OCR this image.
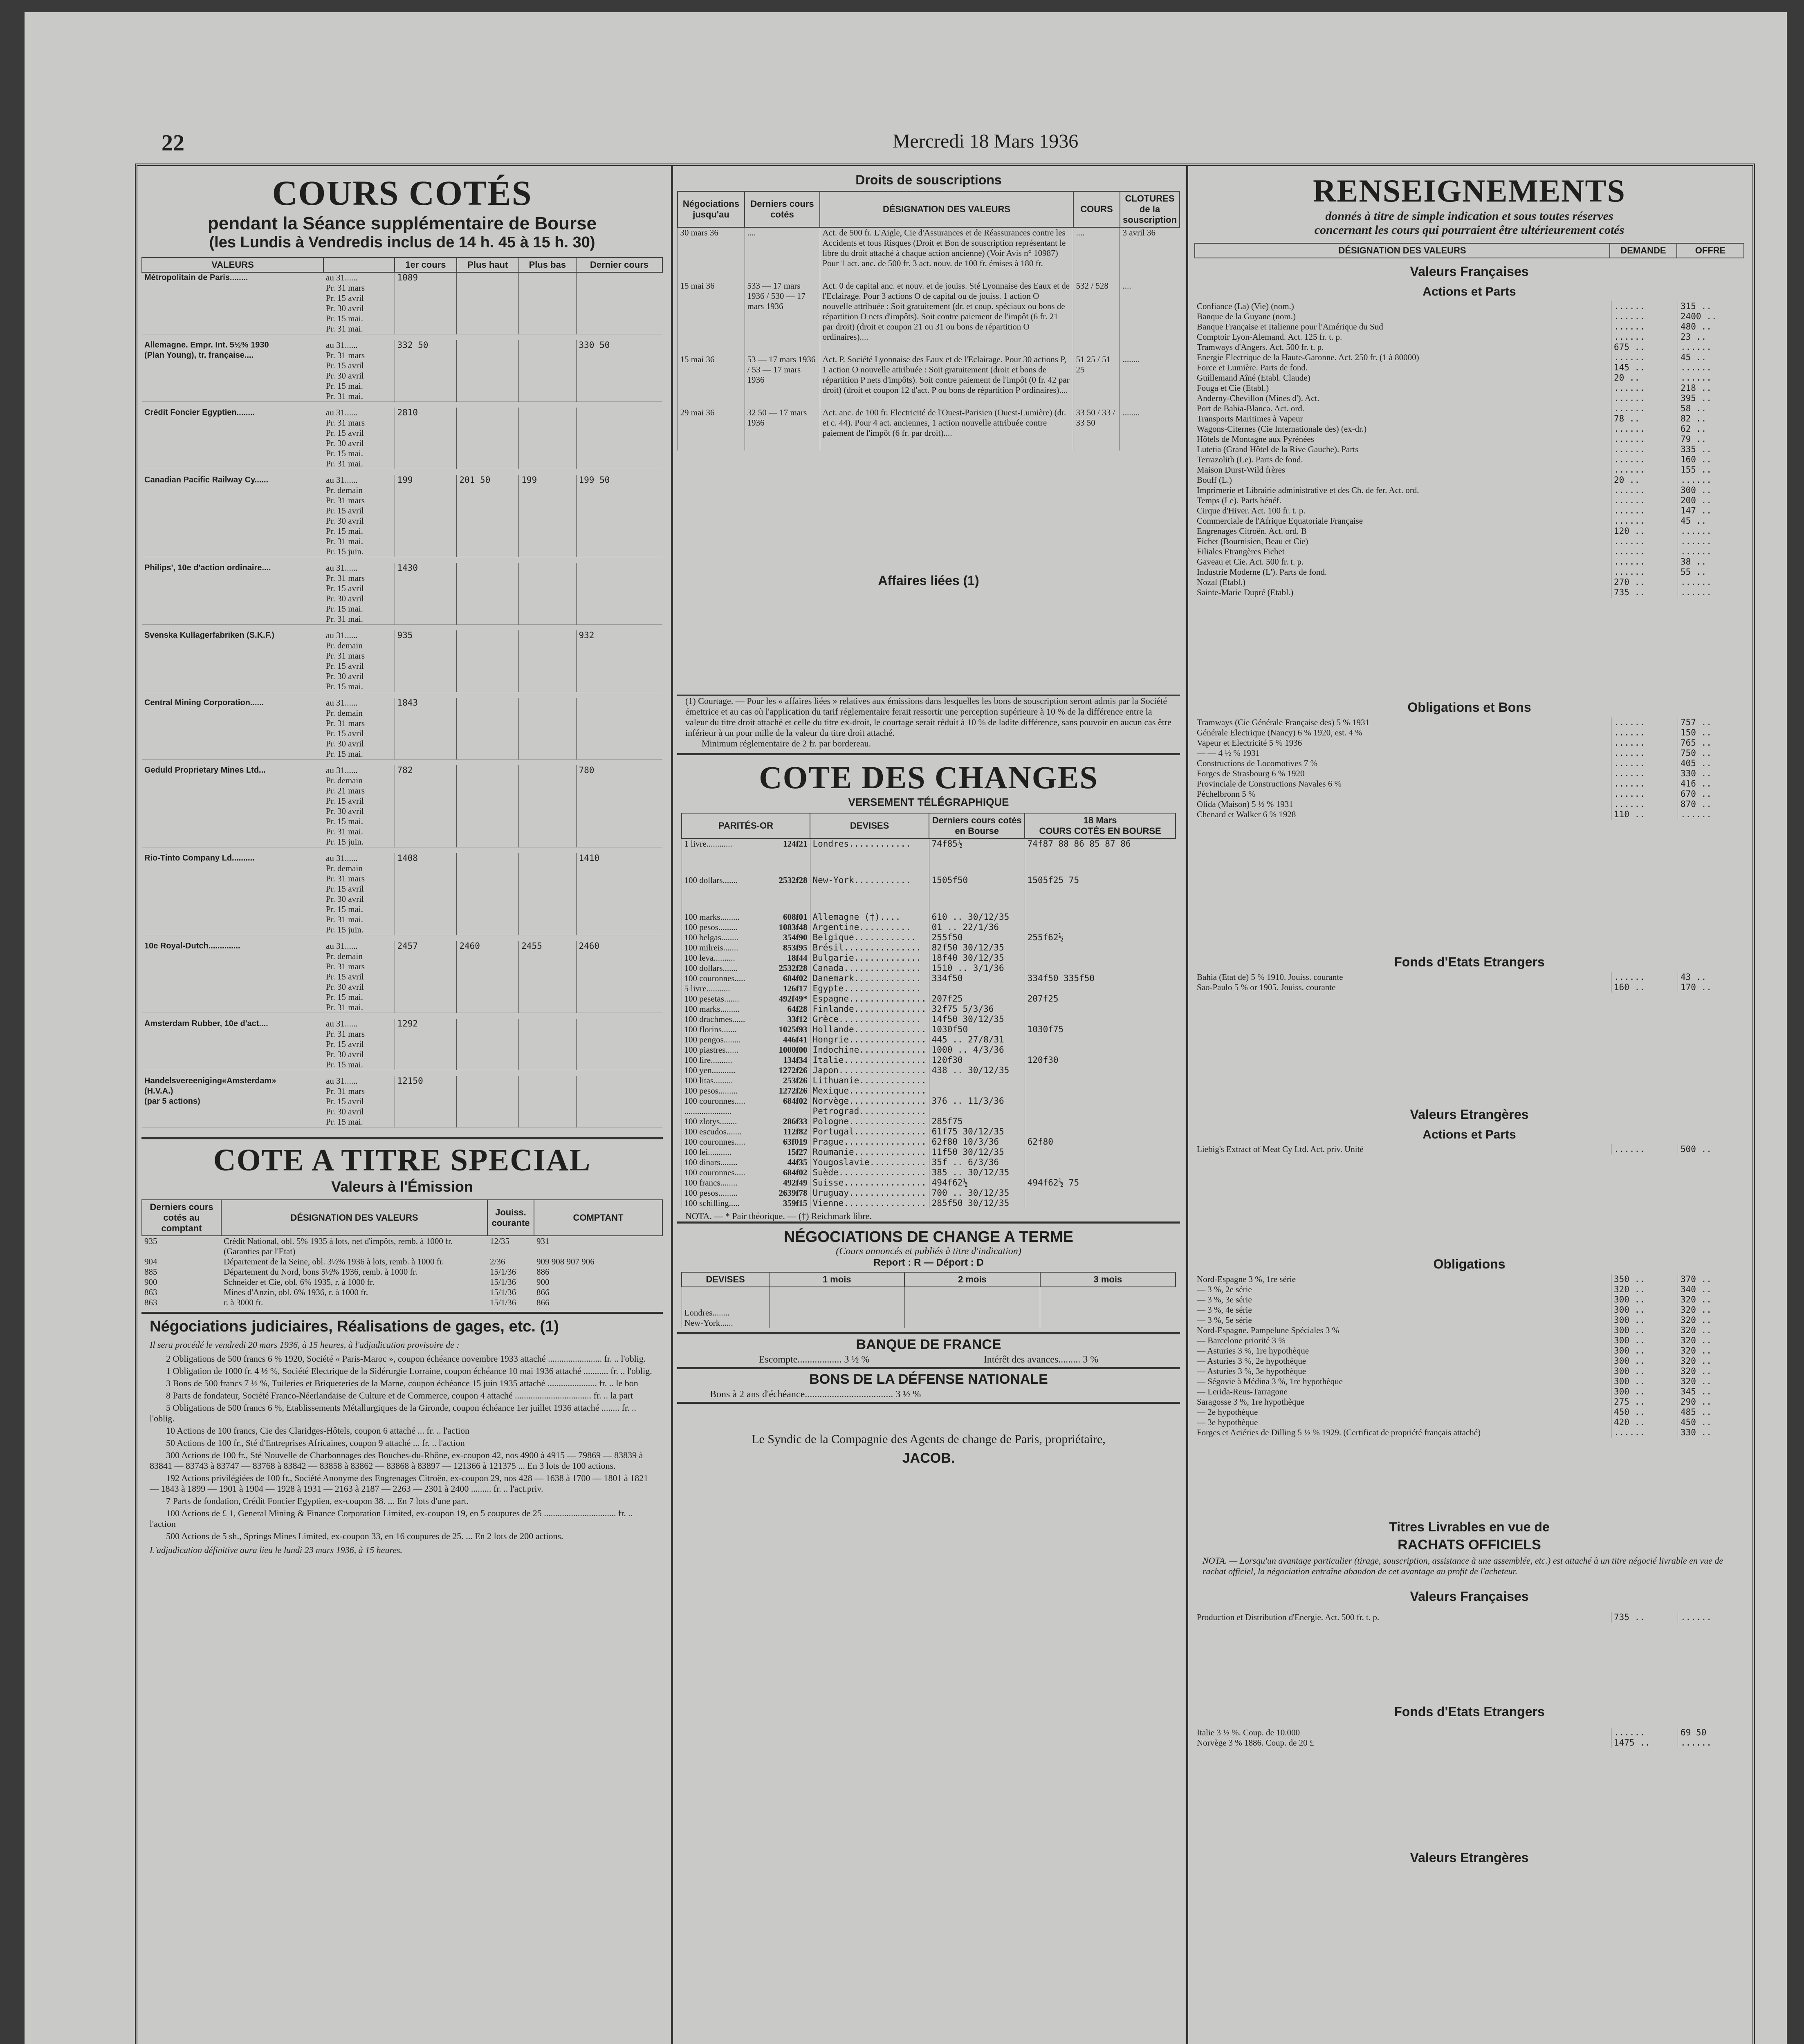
22	Mercredi 18 Mars 1936
COURS COTÉS
pendant la Séance supplémentaire de Bourse
(les Lundis à Vendredis inclus de 14 h. 45 à 15 h. 30)
VALEURS		1er cours	Plus haut	Plus bas	Dernier cours
Métropolitain de Paris........	au 31......	1089			
	Pr. 31 mars				
	Pr. 15 avril				
	Pr. 30 avril				
	Pr. 15 mai.				
	Pr. 31 mai.				

Allemagne. Empr. Int. 5½% 1930	au 31......	332 50			330 50
(Plan Young), tr. française....	Pr. 31 mars				
	Pr. 15 avril				
	Pr. 30 avril				
	Pr. 15 mai.				
	Pr. 31 mai.				

Crédit Foncier Egyptien........	au 31......	2810			
	Pr. 31 mars				
	Pr. 15 avril				
	Pr. 30 avril				
	Pr. 15 mai.				
	Pr. 31 mai.				

Canadian Pacific Railway Cy......	au 31......	199	201 50	199	199 50
	Pr. demain				
	Pr. 31 mars				
	Pr. 15 avril				
	Pr. 30 avril				
	Pr. 15 mai.				
	Pr. 31 mai.				
	Pr. 15 juin.				

Philips', 10e d'action ordinaire....	au 31......	1430			
	Pr. 31 mars				
	Pr. 15 avril				
	Pr. 30 avril				
	Pr. 15 mai.				
	Pr. 31 mai.				

Svenska Kullagerfabriken (S.K.F.)	au 31......	935			932
	Pr. demain				
	Pr. 31 mars				
	Pr. 15 avril				
	Pr. 30 avril				
	Pr. 15 mai.				

Central Mining Corporation......	au 31......	1843			
	Pr. demain				
	Pr. 31 mars				
	Pr. 15 avril				
	Pr. 30 avril				
	Pr. 15 mai.				

Geduld Proprietary Mines Ltd...	au 31......	782			780
	Pr. demain				
	Pr. 21 mars				
	Pr. 15 avril				
	Pr. 30 avril				
	Pr. 15 mai.				
	Pr. 31 mai.				
	Pr. 15 juin.				

Rio-Tinto Company Ld..........	au 31......	1408			1410
	Pr. demain				
	Pr. 31 mars				
	Pr. 15 avril				
	Pr. 30 avril				
	Pr. 15 mai.				
	Pr. 31 mai.				
	Pr. 15 juin.				

10e Royal-Dutch..............	au 31......	2457	2460	2455	2460
	Pr. demain				
	Pr. 31 mars				
	Pr. 15 avril				
	Pr. 30 avril				
	Pr. 15 mai.				
	Pr. 31 mai.				

Amsterdam Rubber, 10e d'act....	au 31......	1292			
	Pr. 31 mars				
	Pr. 15 avril				
	Pr. 30 avril				
	Pr. 15 mai.				

Handelsvereeniging«Amsterdam»	au 31......	12150			
(H.V.A.)	Pr. 31 mars				
(par 5 actions)	Pr. 15 avril				
	Pr. 30 avril				
	Pr. 15 mai.				

COTE A TITRE SPECIAL
Valeurs à l'Émission
Derniers cours cotés au comptant	DÉSIGNATION DES VALEURS	Jouiss. courante	COMPTANT
935	Crédit National, obl. 5% 1935 à lots, net d'impôts, remb. à 1000 fr. (Garanties par l'Etat)	12/35	931
904	Département de la Seine, obl. 3½% 1936 à lots, remb. à 1000 fr.	2/36	909 908 907 906
885	Département du Nord, bons 5½% 1936, remb. à 1000 fr.	15/1/36	886
900	Schneider et Cie, obl. 6% 1935, r. à 1000 fr.	15/1/36	900
863	Mines d'Anzin, obl. 6% 1936, r. à 1000 fr.	15/1/36	866
863	r. à 3000 fr.	15/1/36	866
Négociations judiciaires, Réalisations de gages, etc. (1)
Il sera procédé le vendredi 20 mars 1936, à 15 heures, à l'adjudication provisoire de :
2 Obligations de 500 francs 6 % 1920, Société « Paris-Maroc », coupon échéance novembre 1933 attaché ........................ fr. .. l'oblig.
1 Obligation de 1000 fr. 4 ½ %, Société Electrique de la Sidérurgie Lorraine, coupon échéance 10 mai 1936 attaché ........... fr. .. l'oblig.
3 Bons de 500 francs 7 ½ %, Tuileries et Briqueteries de la Marne, coupon échéance 15 juin 1935 attaché ...................... fr. .. le bon
8 Parts de fondateur, Société Franco-Néerlandaise de Culture et de Commerce, coupon 4 attaché .................................. fr. .. la part
5 Obligations de 500 francs 6 %, Etablissements Métallurgiques de la Gironde, coupon échéance 1er juillet 1936 attaché ........ fr. .. l'oblig.
10 Actions de 100 francs, Cie des Claridges-Hôtels, coupon 6 attaché ... fr. .. l'action
50 Actions de 100 fr., Sté d'Entreprises Africaines, coupon 9 attaché ... fr. .. l'action
300 Actions de 100 fr., Sté Nouvelle de Charbonnages des Bouches-du-Rhône, ex-coupon 42, nos 4900 à 4915 — 79869 — 83839 à 83841 — 83743 à 83747 — 83768 à 83842 — 83858 à 83862 — 83868 à 83897 — 121366 à 121375 ... En 3 lots de 100 actions.
192 Actions privilégiées de 100 fr., Société Anonyme des Engrenages Citroën, ex-coupon 29, nos 428 — 1638 à 1700 — 1801 à 1821 — 1843 à 1899 — 1901 à 1904 — 1928 à 1931 — 2163 à 2187 — 2263 — 2301 à 2400 ......... fr. .. l'act.priv.
7 Parts de fondation, Crédit Foncier Egyptien, ex-coupon 38. ... En 7 lots d'une part.
100 Actions de £ 1, General Mining & Finance Corporation Limited, ex-coupon 19, en 5 coupures de 25 ................................ fr. .. l'action
500 Actions de 5 sh., Springs Mines Limited, ex-coupon 33, en 16 coupures de 25. ... En 2 lots de 200 actions.
L'adjudication définitive aura lieu le lundi 23 mars 1936, à 15 heures.
Droits de souscriptions
Négociations jusqu'au	Derniers cours cotés	DÉSIGNATION DES VALEURS	COURS	CLOTURES de la souscription
30 mars 36	....	Act. de 500 fr. L'Aigle, Cie d'Assurances et de Réassurances contre les Accidents et tous Risques (Droit et Bon de souscription représentant le libre du droit attaché à chaque action ancienne) (Voir Avis n° 10987) Pour 1 act. anc. de 500 fr. 3 act. nouv. de 100 fr. émises à 180 fr.	....	3 avril 36
15 mai 36	533 — 17 mars 1936 / 530 — 17 mars 1936	Act. 0 de capital anc. et nouv. et de jouiss. Sté Lyonnaise des Eaux et de l'Eclairage. Pour 3 actions O de capital ou de jouiss. 1 action O nouvelle attribuée : Soit gratuitement (dr. et coup. spéciaux ou bons de répartition O nets d'impôts). Soit contre paiement de l'impôt (6 fr. 21 par droit) (droit et coupon 21 ou 31 ou bons de répartition O ordinaires)....	532 / 528	....
15 mai 36	53 — 17 mars 1936 / 53 — 17 mars 1936	Act. P. Société Lyonnaise des Eaux et de l'Eclairage. Pour 30 actions P, 1 action O nouvelle attribuée : Soit gratuitement (droit et bons de répartition P nets d'impôts). Soit contre paiement de l'impôt (0 fr. 42 par droit) (droit et coupon 12 d'act. P ou bons de répartition P ordinaires)....	51 25 / 51 25	........
29 mai 36	32 50 — 17 mars 1936	Act. anc. de 100 fr. Electricité de l'Ouest-Parisien (Ouest-Lumière) (dr. et c. 44). Pour 4 act. anciennes, 1 action nouvelle attribuée contre paiement de l'impôt (6 fr. par droit)....	33 50 / 33 / 33 50	........
Affaires liées (1)
(1) Courtage. — Pour les « affaires liées » relatives aux émissions dans lesquelles les bons de souscription seront admis par la Société émettrice et au cas où l'application du tarif réglementaire ferait ressortir une perception supérieure à 10 % de la différence entre la valeur du titre droit attaché et celle du titre ex-droit, le courtage serait réduit à 10 % de ladite différence, sans pouvoir en aucun cas être inférieur à un pour mille de la valeur du titre droit attaché.
Minimum réglementaire de 2 fr. par bordereau.
COTE DES CHANGES
VERSEMENT TÉLÉGRAPHIQUE
PARITÉS-OR	DEVISES	Derniers cours cotés en Bourse	18 Mars
COURS COTÉS EN BOURSE

1 livre............ 124f21	Londres............	74f85½	74f87 88 86 85 87 86
100 dollars....... 2532f28	New-York...........	1505f50	1505f25 75
100 marks......... 608f01	Allemagne (†)....	610 .. 30/12/35	
100 pesos......... 1083f48	Argentine..........	01 .. 22/1/36	
100 belgas........ 354f90	Belgique............	255f50	255f62½
100 milreis....... 853f95	Brésil...............	82f50 30/12/35	
100 leva.......... 18f44	Bulgarie.............	18f40 30/12/35	
100 dollars....... 2532f28	Canada...............	1510 .. 3/1/36	
100 couronnes..... 684f02	Danemark.............	334f50	334f50 335f50
5 livre........... 126f17	Egypte...............		
100 pesetas....... 492f49*	Espagne...............	207f25	207f25
100 marks......... 64f28	Finlande..............	32f75 5/3/36	
100 drachmes...... 33f12	Grèce................	14f50 30/12/35	
100 florins....... 1025f93	Hollande..............	1030f50	1030f75
100 pengos........ 446f41	Hongrie...............	445 .. 27/8/31	
100 piastres...... 1000f00	Indochine.............	1000 .. 4/3/36	
100 lire.......... 134f34	Italie................	120f30	120f30
100 yen........... 1272f26	Japon.................	438 .. 30/12/35	
100 litas......... 253f26	Lithuanie.............		
100 pesos......... 1272f26	Mexique...............		
100 couronnes..... 684f02	Norvège...............	376 .. 11/3/36	
......................	Petrograd.............		
100 zlotys........ 286f33	Pologne...............	285f75	
100 escudos....... 112f82	Portugal..............	61f75 30/12/35	
100 couronnes..... 63f019	Prague................	62f80 10/3/36	62f80
100 lei........... 15f27	Roumanie..............	11f50 30/12/35	
100 dinars........ 44f35	Yougoslavie...........	35f .. 6/3/36	
100 couronnes..... 684f02	Suède.................	385 .. 30/12/35	
100 francs........ 492f49	Suisse................	494f62½	494f62½ 75
100 pesos......... 2639f78	Uruguay...............	700 .. 30/12/35	
100 schilling..... 359f15	Vienne................	285f50 30/12/35	
NOTA. — * Pair théorique. — (†) Reichmark libre.
NÉGOCIATIONS DE CHANGE A TERME
(Cours annoncés et publiés à titre d'indication)
Report : R — Déport : D
DEVISES	1 mois	2 mois	3 mois

Londres........			
New-York......			
BANQUE DE FRANCE
Escompte.................. 3 ½ %	Intérêt des avances......... 3 %
BONS DE LA DÉFENSE NATIONALE
Bons à 2 ans d'échéance.................................... 3 ½ %
Le Syndic de la Compagnie des Agents de change de Paris, propriétaire,
JACOB.
RENSEIGNEMENTS
donnés à titre de simple indication et sous toutes réserves
concernant les cours qui pourraient être ultérieurement cotés
DÉSIGNATION DES VALEURS	DEMANDE	OFFRE
Valeurs Françaises
Actions et Parts
Confiance (La) (Vie) (nom.)	......	315 ..
Banque de la Guyane (nom.)	......	2400 ..
Banque Française et Italienne pour l'Amérique du Sud	......	480 ..
Comptoir Lyon-Alemand. Act. 125 fr. t. p.	......	23 ..
Tramways d'Angers. Act. 500 fr. t. p.	675 ..	......
Energie Electrique de la Haute-Garonne. Act. 250 fr. (1 à 80000)	......	45 ..
Force et Lumière. Parts de fond.	145 ..	......
Guillemand Aîné (Etabl. Claude)	20 ..	......
Fouga et Cie (Etabl.)	......	218 ..
Anderny-Chevillon (Mines d'). Act.	......	395 ..
Port de Bahia-Blanca. Act. ord.	......	58 ..
Transports Maritimes à Vapeur	78 ..	82 ..
Wagons-Citernes (Cie Internationale des) (ex-dr.)	......	62 ..
Hôtels de Montagne aux Pyrénées	......	79 ..
Lutetia (Grand Hôtel de la Rive Gauche). Parts	......	335 ..
Terrazolith (Le). Parts de fond.	......	160 ..
Maison Durst-Wild frères	......	155 ..
Bouff (L.)	20 ..	......
Imprimerie et Librairie administrative et des Ch. de fer. Act. ord.	......	300 ..
Temps (Le). Parts bénéf.	......	200 ..
Cirque d'Hiver. Act. 100 fr. t. p.	......	147 ..
Commerciale de l'Afrique Equatoriale Française	......	45 ..
Engrenages Citroën. Act. ord. B	120 ..	......
Fichet (Bournisien, Beau et Cie)	......	......
Filiales Etrangères Fichet	......	......
Gaveau et Cie. Act. 500 fr. t. p.	......	38 ..
Industrie Moderne (L'). Parts de fond.	......	55 ..
Nozal (Etabl.)	270 ..	......
Sainte-Marie Dupré (Etabl.)	735 ..	......
Obligations et Bons
Tramways (Cie Générale Française des) 5 % 1931	......	757 ..
Générale Electrique (Nancy) 6 % 1920, est. 4 %	......	150 ..
Vapeur et Electricité 5 % 1936	......	765 ..
— — 4 ½ % 1931	......	750 ..
Constructions de Locomotives 7 %	......	405 ..
Forges de Strasbourg 6 % 1920	......	330 ..
Provinciale de Constructions Navales 6 %	......	416 ..
Péchelbronn 5 %	......	670 ..
Olida (Maison) 5 ½ % 1931	......	870 ..
Chenard et Walker 6 % 1928	110 ..	......
Fonds d'Etats Etrangers
Bahia (Etat de) 5 % 1910. Jouiss. courante	......	43 ..
Sao-Paulo 5 % or 1905. Jouiss. courante	160 ..	170 ..
Valeurs Etrangères
Actions et Parts
Liebig's Extract of Meat Cy Ltd. Act. priv. Unité	......	500 ..
Obligations
Nord-Espagne 3 %, 1re série	350 ..	370 ..
— 3 %, 2e série	320 ..	340 ..
— 3 %, 3e série	300 ..	320 ..
— 3 %, 4e série	300 ..	320 ..
— 3 %, 5e série	300 ..	320 ..
Nord-Espagne. Pampelune Spéciales 3 %	300 ..	320 ..
— Barcelone priorité 3 %	300 ..	320 ..
— Asturies 3 %, 1re hypothèque	300 ..	320 ..
— Asturies 3 %, 2e hypothèque	300 ..	320 ..
— Asturies 3 %, 3e hypothèque	300 ..	320 ..
— Ségovie à Médina 3 %, 1re hypothèque	300 ..	320 ..
— Lerida-Reus-Tarragone	300 ..	345 ..
Saragosse 3 %, 1re hypothèque	275 ..	290 ..
— 2e hypothèque	450 ..	485 ..
— 3e hypothèque	420 ..	450 ..
Forges et Aciéries de Dilling 5 ½ % 1929. (Certificat de propriété français attaché)	......	330 ..
Titres Livrables en vue de
RACHATS OFFICIELS
NOTA. — Lorsqu'un avantage particulier (tirage, souscription, assistance à une assemblée, etc.) est attaché à un titre négocié livrable en vue de rachat officiel, la négociation entraîne abandon de cet avantage au profit de l'acheteur.
Valeurs Françaises
Production et Distribution d'Energie. Act. 500 fr. t. p.	735 ..	......
Fonds d'Etats Etrangers
Italie 3 ½ %. Coup. de 10.000	......	69 50
Norvège 3 % 1886. Coup. de 20 £	1475 ..	......
Valeurs Etrangères
